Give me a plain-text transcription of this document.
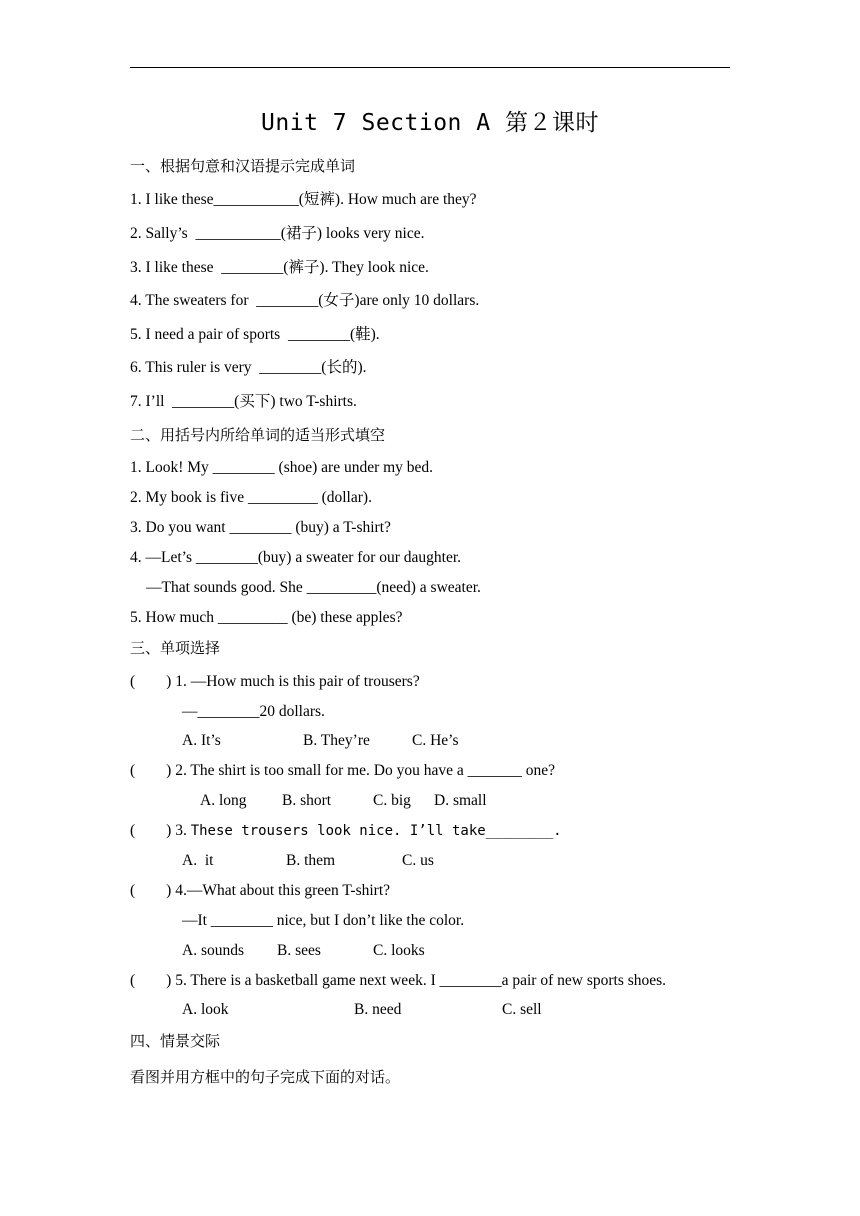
Unit 7 Section A 第２课时
一、根据句意和汉语提示完成单词
1. I like these___________(短裤). How much are they?
2. Sally’s  ___________(裙子) looks very nice.
3. I like these  ________(裤子). They look nice.
4. The sweaters for  ________(女子)are only 10 dollars.
5. I need a pair of sports  ________(鞋).
6. This ruler is very  ________(长的).
7. I’ll  ________(买下) two T-shirts.
二、用括号内所给单词的适当形式填空
1. Look! My ________ (shoe) are under my bed.
2. My book is five _________ (dollar).
3. Do you want ________ (buy) a T-shirt?
4. —Let’s ________(buy) a sweater for our daughter.
—That sounds good. She _________(need) a sweater.
5. How much _________ (be) these apples?
三、单项选择
(        ) 1. —How much is this pair of trousers?
—________20 dollars.
A. It’s	B. They’re	C. He’s
(        ) 2. The shirt is too small for me. Do you have a _______ one?
A. long B. short	C. big D. small
(        ) 3. These trousers look nice. I’ll take________.
A.  it	B. them	C. us
(        ) 4.—What about this green T-shirt?
—It ________ nice, but I don’t like the color.
A. sounds B. sees	C. looks
(        ) 5. There is a basketball game next week. I ________a pair of new sports shoes.
A. look	B. need	C. sell
四、情景交际
看图并用方框中的句子完成下面的对话。
